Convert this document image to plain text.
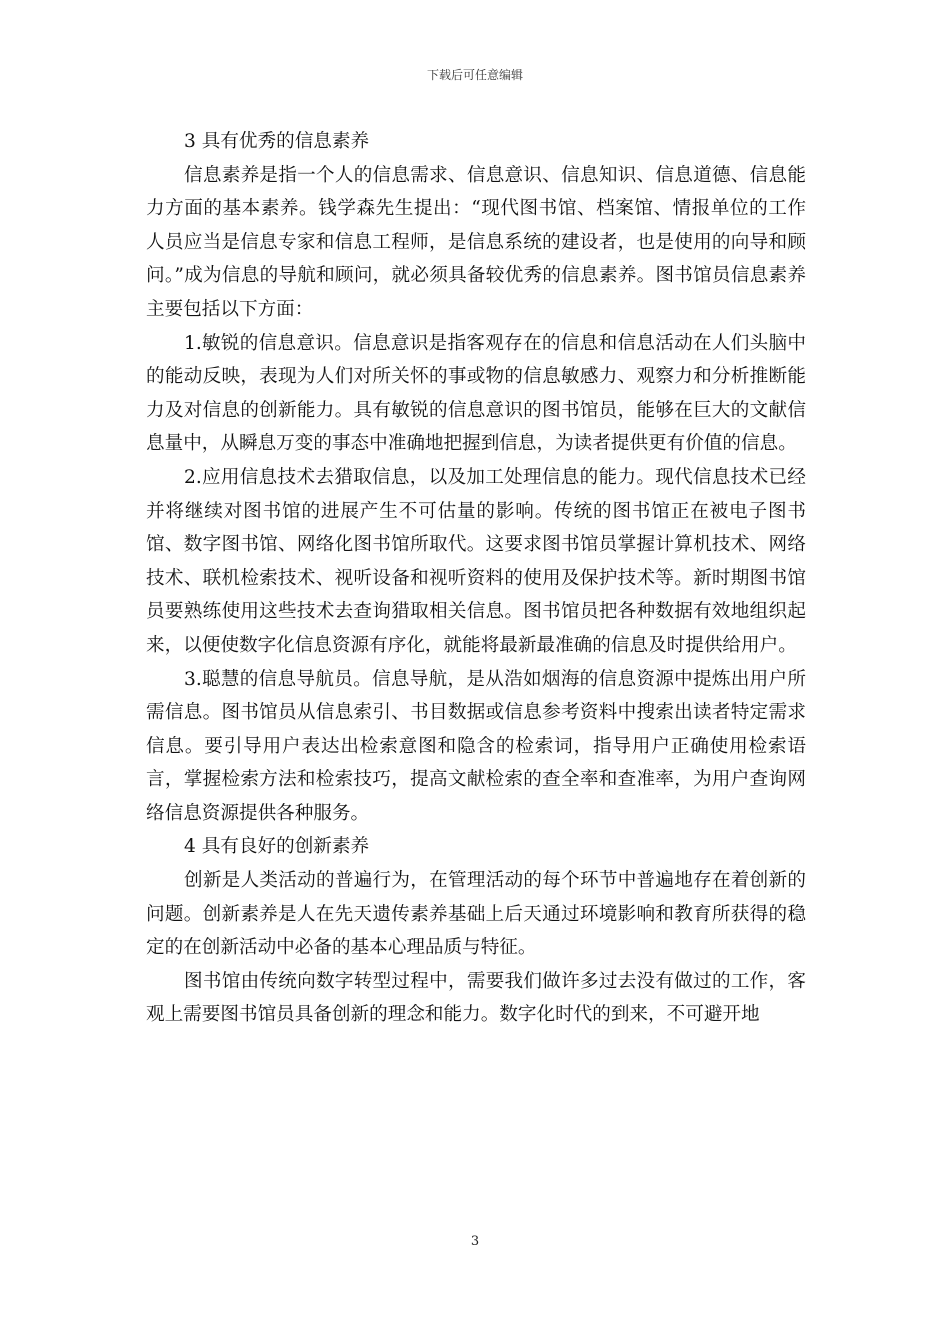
下载后可任意编辑

3 具有优秀的信息素养

信息素养是指一个人的信息需求、信息意识、信息知识、信息道德、信息能力方面的基本素养。钱学森先生提出：“现代图书馆、档案馆、情报单位的工作人员应当是信息专家和信息工程师，是信息系统的建设者，也是使用的向导和顾问。”成为信息的导航和顾问，就必须具备较优秀的信息素养。图书馆员信息素养主要包括以下方面：

1.敏锐的信息意识。信息意识是指客观存在的信息和信息活动在人们头脑中的能动反映，表现为人们对所关怀的事或物的信息敏感力、观察力和分析推断能力及对信息的创新能力。具有敏锐的信息意识的图书馆员，能够在巨大的文献信息量中，从瞬息万变的事态中准确地把握到信息，为读者提供更有价值的信息。

2.应用信息技术去猎取信息，以及加工处理信息的能力。现代信息技术已经并将继续对图书馆的进展产生不可估量的影响。传统的图书馆正在被电子图书馆、数字图书馆、网络化图书馆所取代。这要求图书馆员掌握计算机技术、网络技术、联机检索技术、视听设备和视听资料的使用及保护技术等。新时期图书馆员要熟练使用这些技术去查询猎取相关信息。图书馆员把各种数据有效地组织起来，以便使数字化信息资源有序化，就能将最新最准确的信息及时提供给用户。

3.聪慧的信息导航员。信息导航，是从浩如烟海的信息资源中提炼出用户所需信息。图书馆员从信息索引、书目数据或信息参考资料中搜索出读者特定需求信息。要引导用户表达出检索意图和隐含的检索词，指导用户正确使用检索语言，掌握检索方法和检索技巧，提高文献检索的查全率和查准率，为用户查询网络信息资源提供各种服务。

4 具有良好的创新素养

创新是人类活动的普遍行为，在管理活动的每个环节中普遍地存在着创新的问题。创新素养是人在先天遗传素养基础上后天通过环境影响和教育所获得的稳定的在创新活动中必备的基本心理品质与特征。

图书馆由传统向数字转型过程中，需要我们做许多过去没有做过的工作，客观上需要图书馆员具备创新的理念和能力。数字化时代的到来，不可避开地

3
